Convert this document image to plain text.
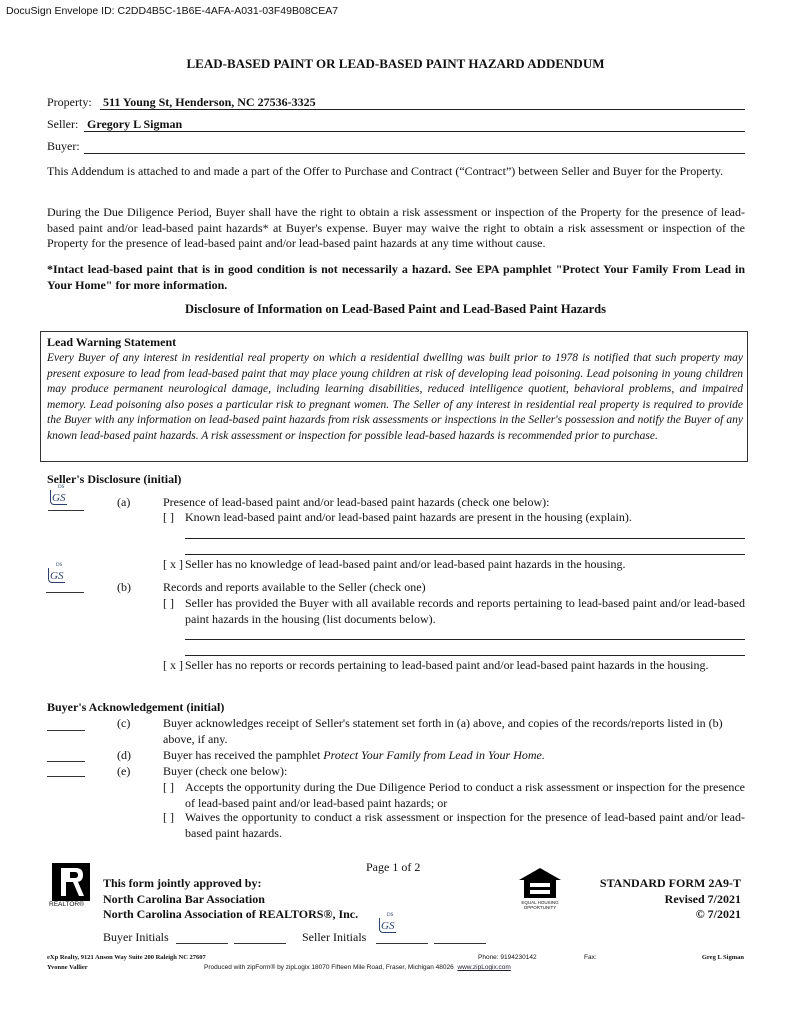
DocuSign Envelope ID: C2DD4B5C-1B6E-4AFA-A031-03F49B08CEA7
LEAD-BASED PAINT OR LEAD-BASED PAINT HAZARD ADDENDUM
Property: 511 Young St, Henderson, NC 27536-3325
Seller: Gregory L Sigman
Buyer:
This Addendum is attached to and made a part of the Offer to Purchase and Contract (“Contract”) between Seller and Buyer for the Property.
During the Due Diligence Period, Buyer shall have the right to obtain a risk assessment or inspection of the Property for the presence of lead-based paint and/or lead-based paint hazards* at Buyer's expense. Buyer may waive the right to obtain a risk assessment or inspection of the Property for the presence of lead-based paint and/or lead-based paint hazards at any time without cause.
*Intact lead-based paint that is in good condition is not necessarily a hazard. See EPA pamphlet "Protect Your Family From Lead in Your Home" for more information.
Disclosure of Information on Lead-Based Paint and Lead-Based Paint Hazards
Lead Warning Statement
Every Buyer of any interest in residential real property on which a residential dwelling was built prior to 1978 is notified that such property may present exposure to lead from lead-based paint that may place young children at risk of developing lead poisoning. Lead poisoning in young children may produce permanent neurological damage, including learning disabilities, reduced intelligence quotient, behavioral problems, and impaired memory. Lead poisoning also poses a particular risk to pregnant women. The Seller of any interest in residential real property is required to provide the Buyer with any information on lead-based paint hazards from risk assessments or inspections in the Seller's possession and notify the Buyer of any known lead-based paint hazards. A risk assessment or inspection for possible lead-based hazards is recommended prior to purchase.
Seller's Disclosure (initial)
DS
GS	(a)	Presence of lead-based paint and/or lead-based paint hazards (check one below):
[ ] Known lead-based paint and/or lead-based paint hazards are present in the housing (explain).
[ x ] Seller has no knowledge of lead-based paint and/or lead-based paint hazards in the housing.
DS
GS
(b)	Records and reports available to the Seller (check one)
[ ] Seller has provided the Buyer with all available records and reports pertaining to lead-based paint and/or lead-based paint hazards in the housing (list documents below).
[ x ] Seller has no reports or records pertaining to lead-based paint and/or lead-based paint hazards in the housing.
Buyer's Acknowledgement (initial)
(c)	Buyer acknowledges receipt of Seller's statement set forth in (a) above, and copies of the records/reports listed in (b) above, if any.
(d)	Buyer has received the pamphlet Protect Your Family from Lead in Your Home.
(e)	Buyer (check one below):
[ ] Accepts the opportunity during the Due Diligence Period to conduct a risk assessment or inspection for the presence of lead-based paint and/or lead-based paint hazards; or
[ ] Waives the opportunity to conduct a risk assessment or inspection for the presence of lead-based paint and/or lead-based paint hazards.
Page 1 of 2
REALTOR®
This form jointly approved by:
North Carolina Bar Association
North Carolina Association of REALTORS®, Inc.
EQUAL HOUSING OPPORTUNITY
STANDARD FORM 2A9-T
Revised 7/2021
© 7/2021
Buyer Initials	Seller Initials
DS
GS
eXp Realty, 9121 Anson Way Suite 200 Raleigh NC 27607
Yvonne Vallier
Phone: 9194230142	Fax:	Greg L Sigman
Produced with zipForm® by zipLogix 18070 Fifteen Mile Road, Fraser, Michigan 48026 www.zipLogix.com
